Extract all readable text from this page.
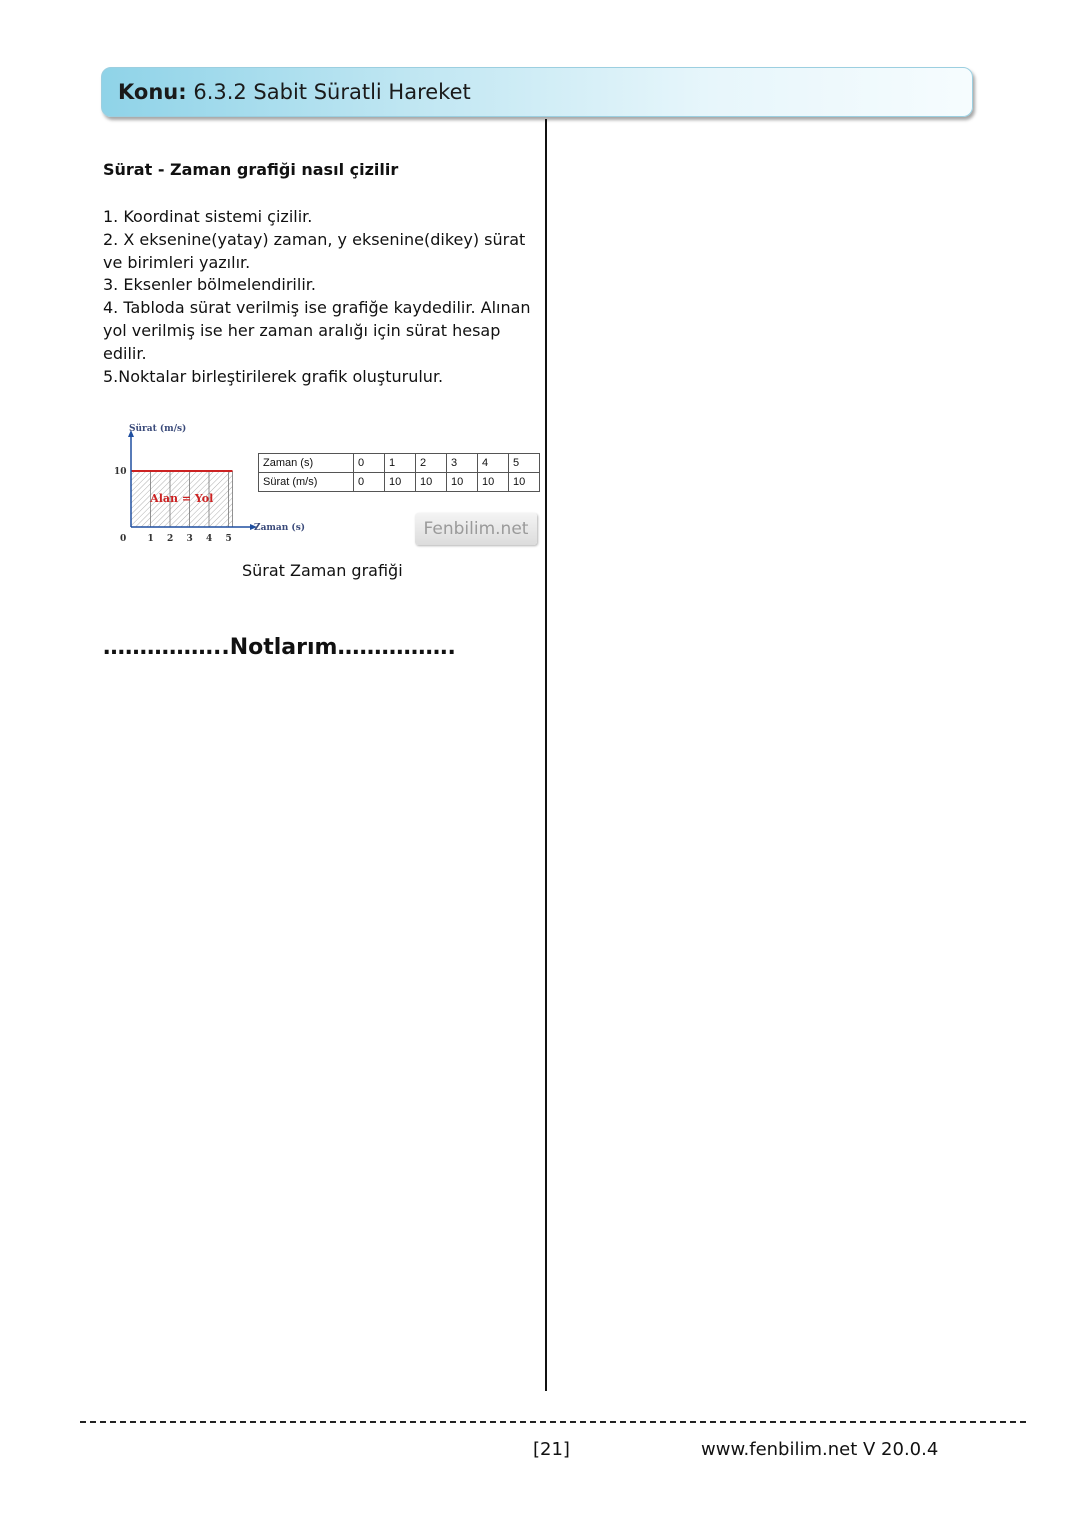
Konu: 6.3.2 Sabit Süratli Hareket
Sürat - Zaman grafiği nasıl çizilir
1. Koordinat sistemi çizilir.
2. X eksenine(yatay) zaman, y eksenine(dikey) sürat ve birimleri yazılır.
3. Eksenler bölmelendirilir.
4. Tabloda sürat verilmiş ise grafiğe kaydedilir. Alınan yol verilmiş ise her zaman aralığı için sürat hesap edilir.
5.Noktalar birleştirilerek grafik oluşturulur.
Sürat (m/s)
Zaman (s)
10
0 1 2 3 4 5
Alan = Yol
Zaman (s)	0	1	2	3	4	5
Sürat (m/s)	0	10	10	10	10	10
Fenbilim.net
Sürat Zaman grafiği
……………..Notlarım…………….
[21]	www.fenbilim.net V 20.0.4
